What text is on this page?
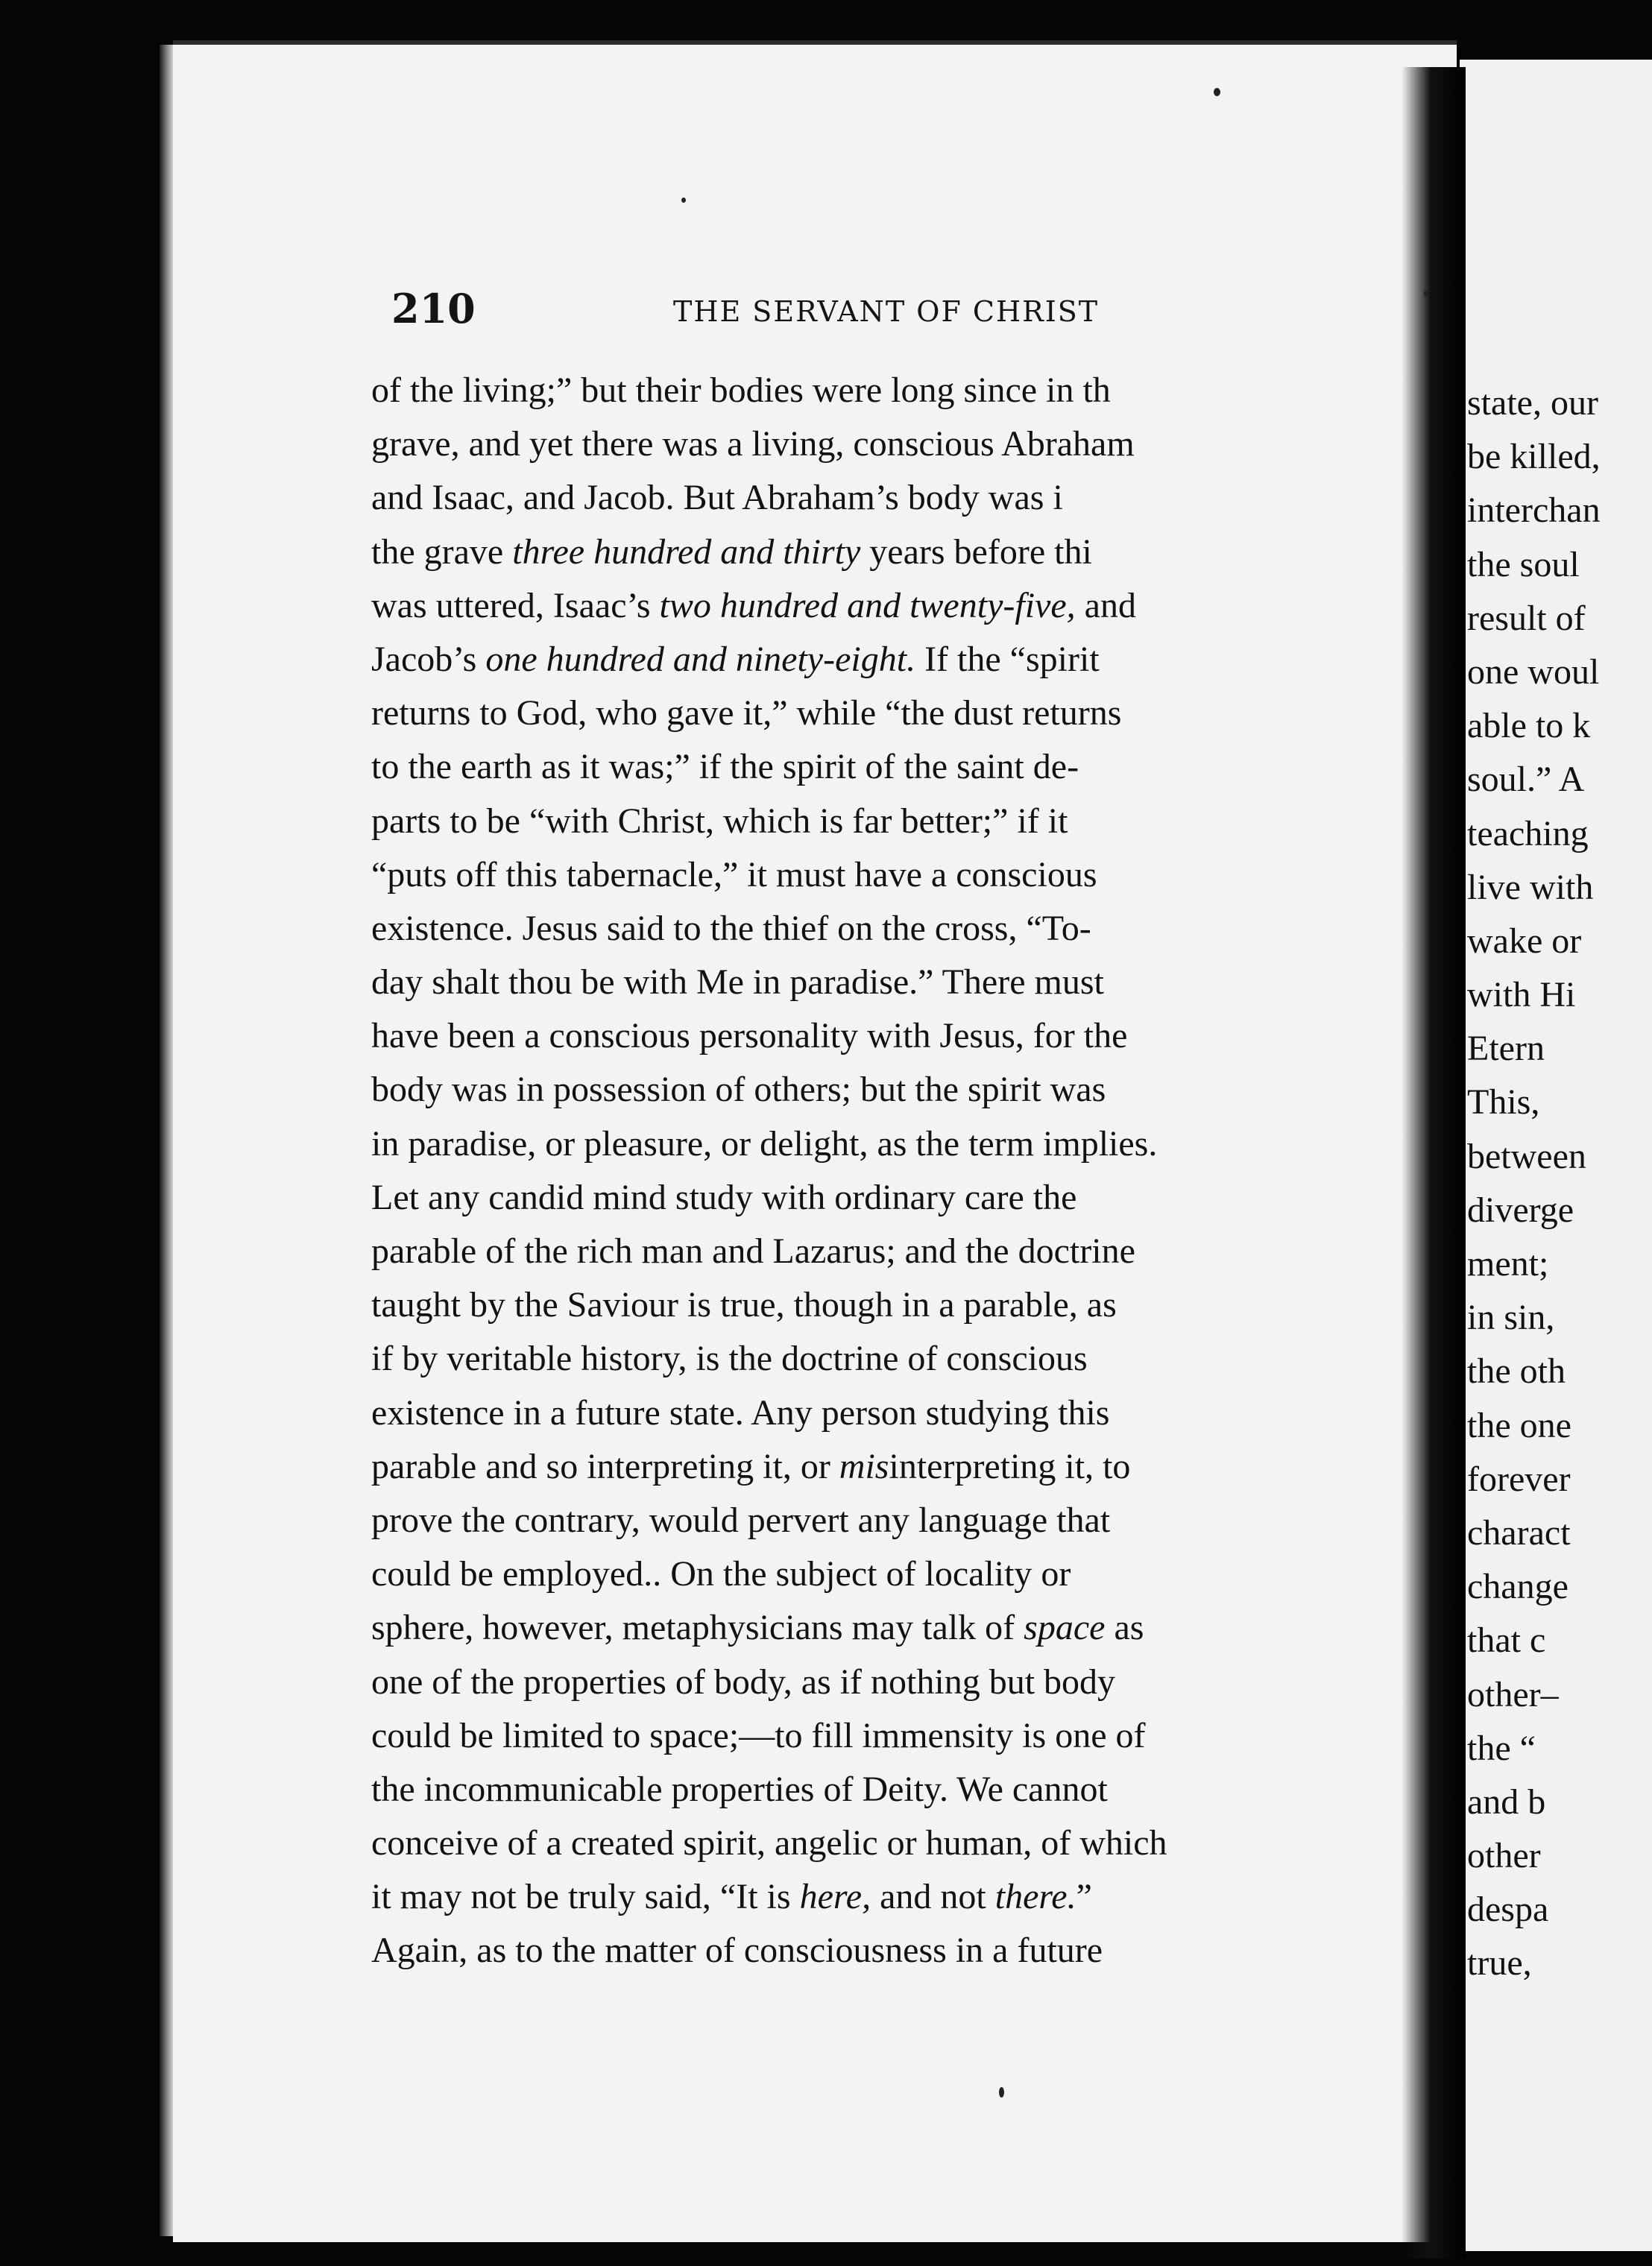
210	THE SERVANT OF CHRIST
of the living;” but their bodies were long since in th
grave, and yet there was a living, conscious Abraham
and Isaac, and Jacob. But Abraham’s body was i
the grave three hundred and thirty years before thi
was uttered, Isaac’s two hundred and twenty-five, and
Jacob’s one hundred and ninety-eight. If the “spirit
returns to God, who gave it,” while “the dust returns
to the earth as it was;” if the spirit of the saint de-
parts to be “with Christ, which is far better;” if it
“puts off this tabernacle,” it must have a conscious
existence. Jesus said to the thief on the cross, “To-
day shalt thou be with Me in paradise.” There must
have been a conscious personality with Jesus, for the
body was in possession of others; but the spirit was
in paradise, or pleasure, or delight, as the term implies.
Let any candid mind study with ordinary care the
parable of the rich man and Lazarus; and the doctrine
taught by the Saviour is true, though in a parable, as
if by veritable history, is the doctrine of conscious
existence in a future state. Any person studying this
parable and so interpreting it, or misinterpreting it, to
prove the contrary, would pervert any language that
could be employed.. On the subject of locality or
sphere, however, metaphysicians may talk of space as
one of the properties of body, as if nothing but body
could be limited to space;—to fill immensity is one of
the incommunicable properties of Deity. We cannot
conceive of a created spirit, angelic or human, of which
it may not be truly said, “It is here, and not there.”
Again, as to the matter of consciousness in a future
state, our
be killed,
interchan
the soul
result of
one woul
able to k
soul.” A
teaching
live with
wake or
with Hi
Etern
This,
between
diverge
ment;
in sin,
the oth
the one
forever
charact
change
that c
other–
the “
and b
other
despa
true,
